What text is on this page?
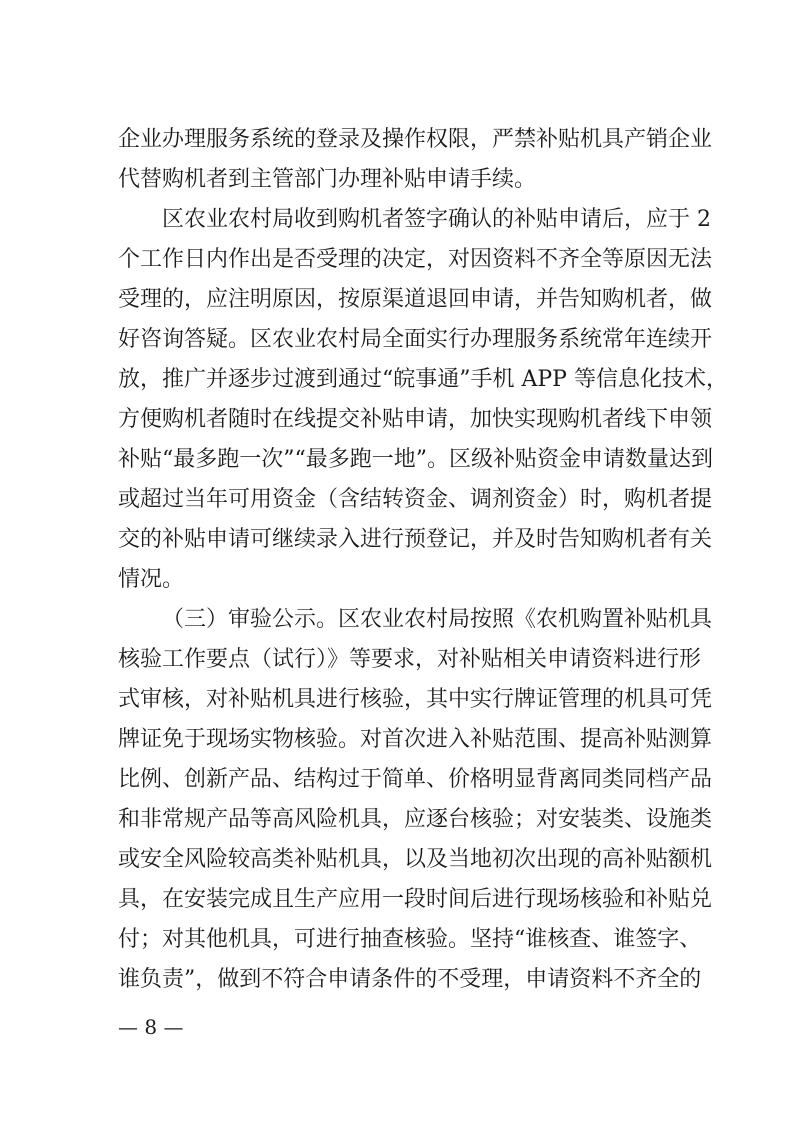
企业办理服务系统的登录及操作权限，严禁补贴机具产销企业
代替购机者到主管部门办理补贴申请手续。
区农业农村局收到购机者签字确认的补贴申请后，应于 2
个工作日内作出是否受理的决定，对因资料不齐全等原因无法
受理的，应注明原因，按原渠道退回申请，并告知购机者，做
好咨询答疑。区农业农村局全面实行办理服务系统常年连续开
放，推广并逐步过渡到通过“皖事通”手机 APP 等信息化技术，
方便购机者随时在线提交补贴申请，加快实现购机者线下申领
补贴“最多跑一次”“最多跑一地”。区级补贴资金申请数量达到
或超过当年可用资金（含结转资金、调剂资金）时，购机者提
交的补贴申请可继续录入进行预登记，并及时告知购机者有关
情况。
（三）审验公示。区农业农村局按照《农机购置补贴机具
核验工作要点（试行）》等要求，对补贴相关申请资料进行形
式审核，对补贴机具进行核验，其中实行牌证管理的机具可凭
牌证免于现场实物核验。对首次进入补贴范围、提高补贴测算
比例、创新产品、结构过于简单、价格明显背离同类同档产品
和非常规产品等高风险机具，应逐台核验；对安装类、设施类
或安全风险较高类补贴机具，以及当地初次出现的高补贴额机
具，在安装完成且生产应用一段时间后进行现场核验和补贴兑
付；对其他机具，可进行抽查核验。坚持“谁核查、谁签字、
谁负责”，做到不符合申请条件的不受理，申请资料不齐全的
— 8 —
